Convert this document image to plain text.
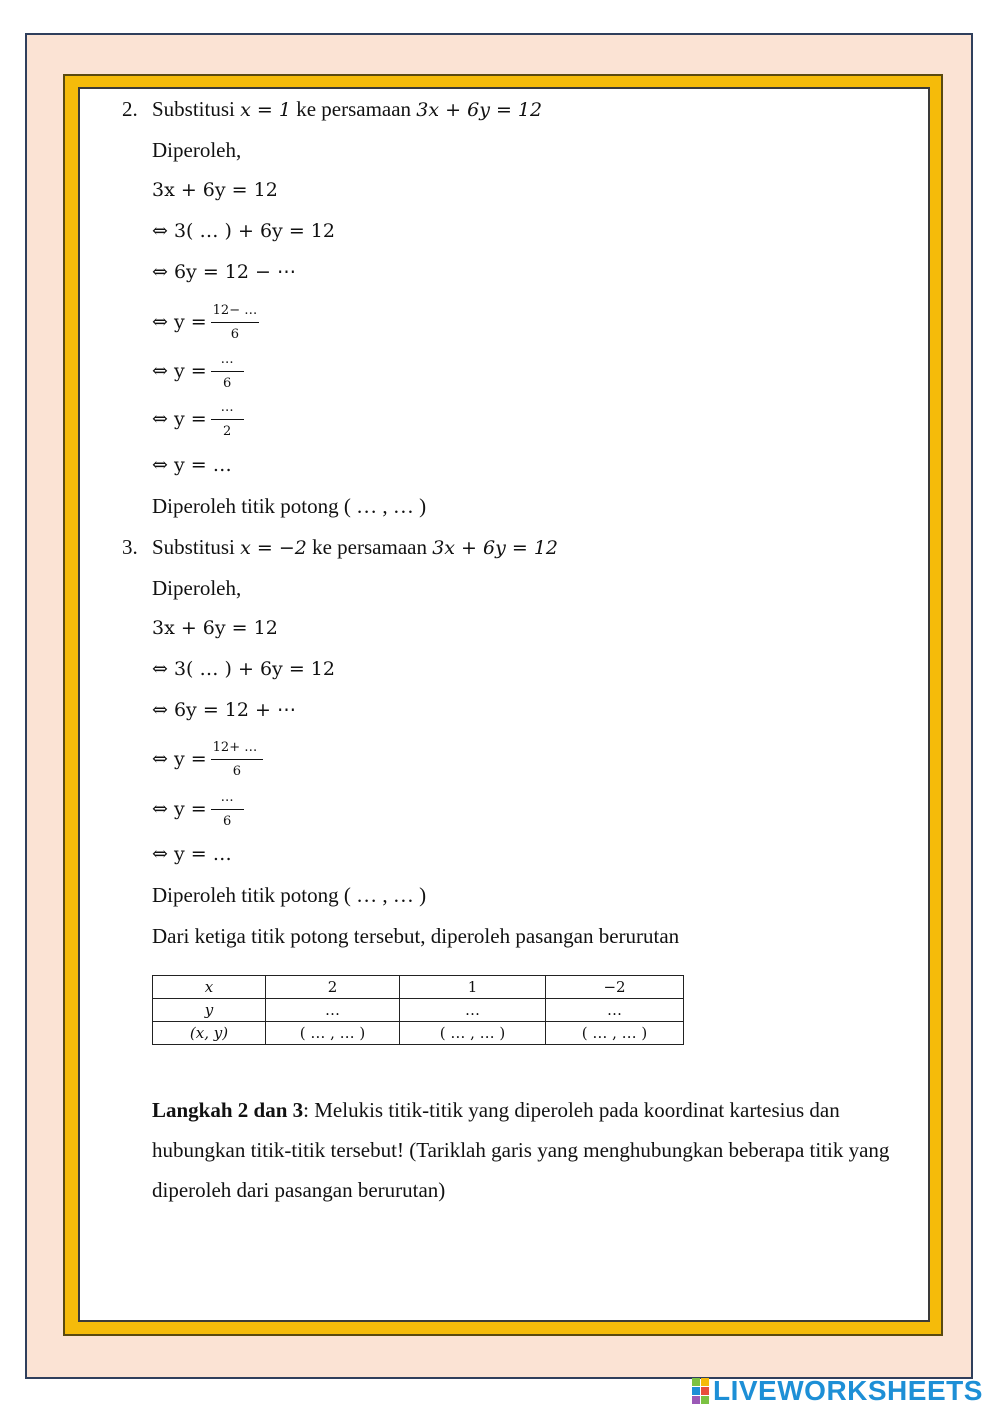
2. Substitusi x = 1 ke persamaan 3x + 6y = 12
Diperoleh,
3x + 6y = 12
⇔ 3( … ) + 6y = 12
⇔ 6y = 12 − ⋯
⇔ $y = \frac{12- \dots}{6}$
⇔ $y = \frac{\dots}{6}$
⇔ $y = \frac{\dots}{2}$
⇔ y = …
Diperoleh titik potong ( … , … )
3. Substitusi x = −2 ke persamaan 3x + 6y = 12
Diperoleh,
3x + 6y = 12
⇔ 3( … ) + 6y = 12
⇔ 6y = 12 + ⋯
⇔ $y = \frac{12+ \dots}{6}$
⇔ $y = \frac{\dots}{6}$
⇔ y = …
Diperoleh titik potong ( … , … )
Dari ketiga titik potong tersebut, diperoleh pasangan berurutan
x	2	1	−2
y	…	…	…
(x, y)	( … , … )	( … , … )	( … , … )
Langkah 2 dan 3: Melukis titik-titik yang diperoleh pada koordinat kartesius dan hubungkan titik-titik tersebut! (Tariklah garis yang menghubungkan beberapa titik yang diperoleh dari pasangan berurutan)
LIVEWORKSHEETS
